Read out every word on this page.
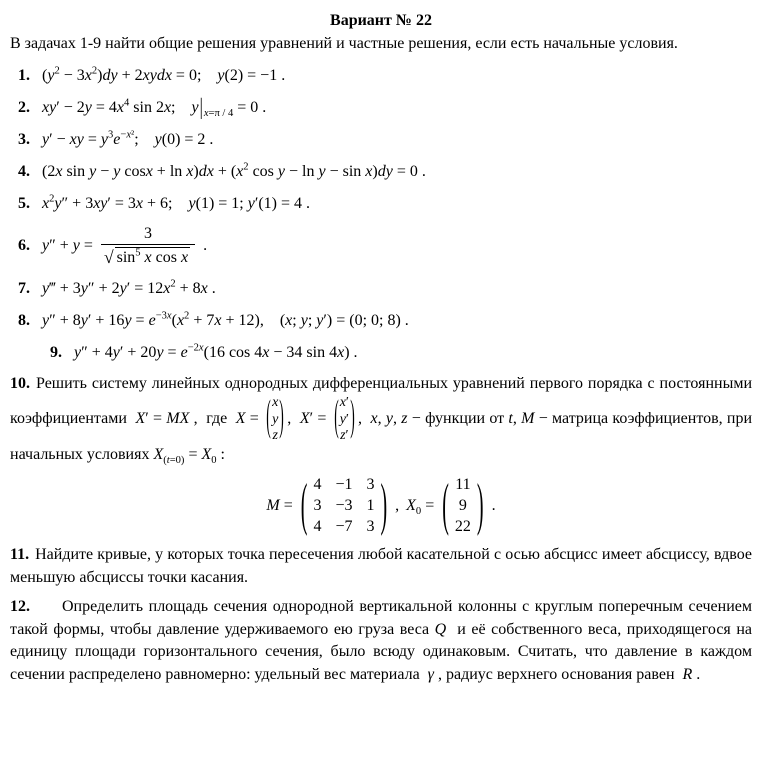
Вариант № 22

В задачах 1-9 найти общие решения уравнений и частные решения, если есть начальные условия.

1. $(y^2 - 3x^2)dy$ + 2xydx = 0;    y(2) = −1 .
2. $xy' - 2y = 4x^4$ sin 2x;    $y|_{x=\pi / 4} = 0$ .
3. y′ − xy = $y^3e^{-x^2}$;    y(0) = 2 .
4. (2x sin y − y $\cos x + \ln x)dx + (x^2$ cos y − ln y − sin x)dy = 0 .
5. $x^2y'' + 3xy' = 3x + 6$;    y(1) = 1; y′(1) = 4 .
6. $y'' + y = \frac{3}{√ \sin^5 x \cos x}$ .
7. y‴ + $3y'' + 2y' = 12x^2 + 8x$ .
8. $y'' + 8y' + 16y = e^{-3x}(x^2 + 7x + 12)$,    (x; y; y′) = (0; 0; 8) .
9. $y'' + 4y' + 20y = e^{-2x}(16$ cos 4x − 34 sin 4x) .

10. Решить систему линейных однородных дифференциальных уравнений первого порядка с постоянными коэффициентами  X′ = MX ,  где  X = ( x
y
z ) ,  X′ = ( x′
y′
z′ ) ,  x, y, z − функции от t, M − матрица коэффициентов, при начальных условиях $X_{(t=0)} = X_0$ :

M = ( 4 −1 3
3 −3 1
4 −7 3 ) , $X_0$ = ( 11
9
22 ) .

11. Найдите кривые, у которых точка пересечения любой касательной с осью абсцисс имеет абсциссу, вдвое меньшую абсциссы точки касания.

12. Определить площадь сечения однородной вертикальной колонны с круглым поперечным сечением такой формы, чтобы давление удерживаемого ею груза веса Q  и её собственного веса, приходящегося на единицу площади горизонтального сечения, было всюду одинаковым. Считать, что давление в каждом сечении распределено равномерно: удельный вес материала  γ , радиус верхнего основания равен  R .
